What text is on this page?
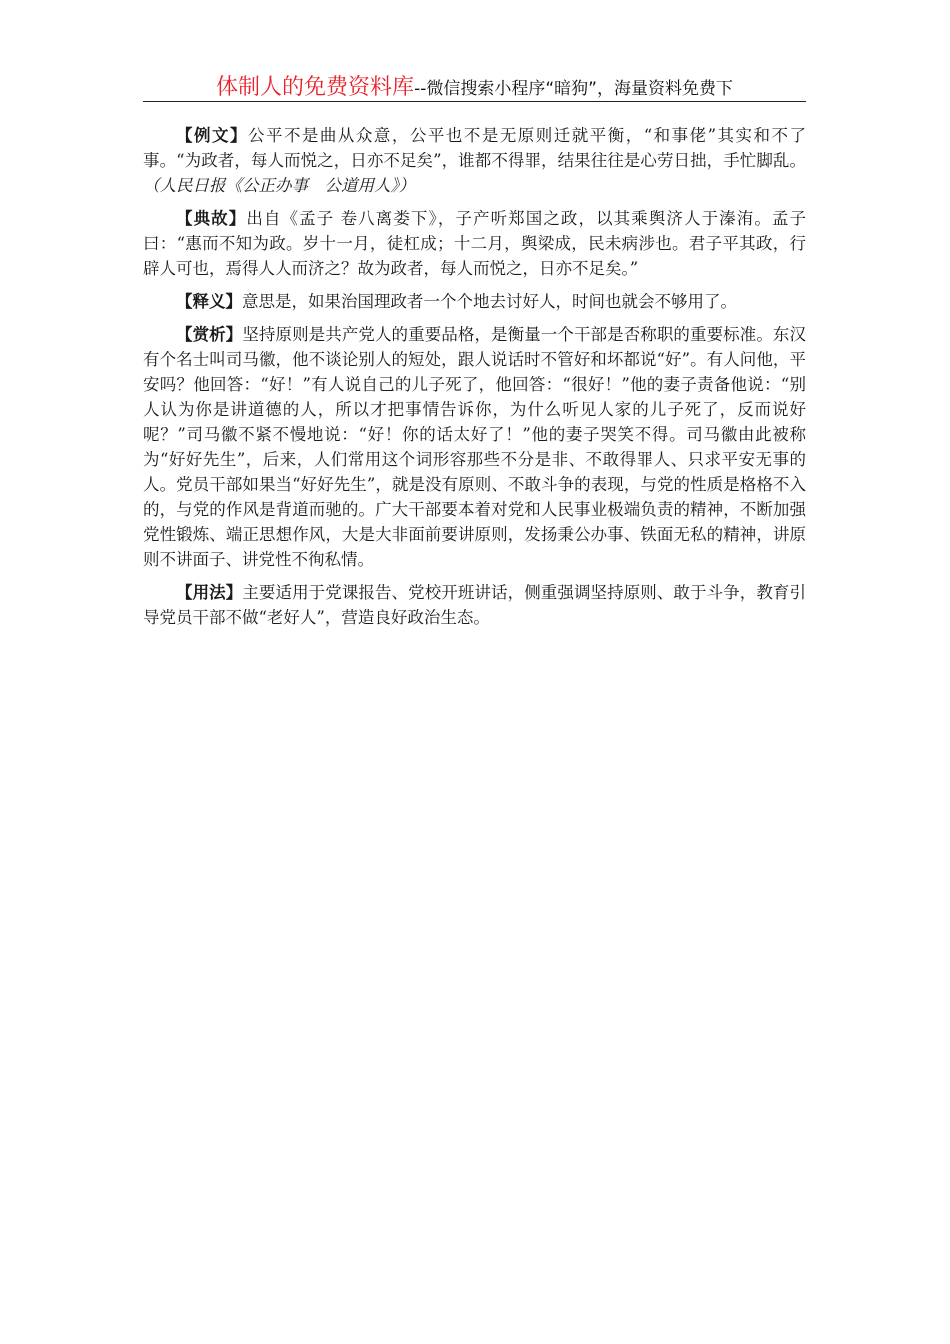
体制人的免费资料库--微信搜索小程序“暗狗”，海量资料免费下

【例文】公平不是曲从众意，公平也不是无原则迁就平衡，“和事佬”其实和不了事。“为政者，每人而悦之，日亦不足矣”，谁都不得罪，结果往往是心劳日拙，手忙脚乱。（人民日报《公正办事　公道用人》）

【典故】出自《孟子 卷八离娄下》，子产听郑国之政，以其乘舆济人于溱洧。孟子曰：“惠而不知为政。岁十一月，徒杠成；十二月，舆梁成，民未病涉也。君子平其政，行辟人可也，焉得人人而济之？故为政者，每人而悦之，日亦不足矣。”

【释义】意思是，如果治国理政者一个个地去讨好人，时间也就会不够用了。

【赏析】坚持原则是共产党人的重要品格，是衡量一个干部是否称职的重要标准。东汉有个名士叫司马徽，他不谈论别人的短处，跟人说话时不管好和坏都说“好”。有人问他，平安吗？他回答：“好！”有人说自己的儿子死了，他回答：“很好！”他的妻子责备他说：“别人认为你是讲道德的人，所以才把事情告诉你，为什么听见人家的儿子死了，反而说好呢？”司马徽不紧不慢地说：“好！你的话太好了！”他的妻子哭笑不得。司马徽由此被称为“好好先生”，后来，人们常用这个词形容那些不分是非、不敢得罪人、只求平安无事的人。党员干部如果当“好好先生”，就是没有原则、不敢斗争的表现，与党的性质是格格不入的，与党的作风是背道而驰的。广大干部要本着对党和人民事业极端负责的精神，不断加强党性锻炼、端正思想作风，大是大非面前要讲原则，发扬秉公办事、铁面无私的精神，讲原则不讲面子、讲党性不徇私情。

【用法】主要适用于党课报告、党校开班讲话，侧重强调坚持原则、敢于斗争，教育引导党员干部不做“老好人”，营造良好政治生态。
